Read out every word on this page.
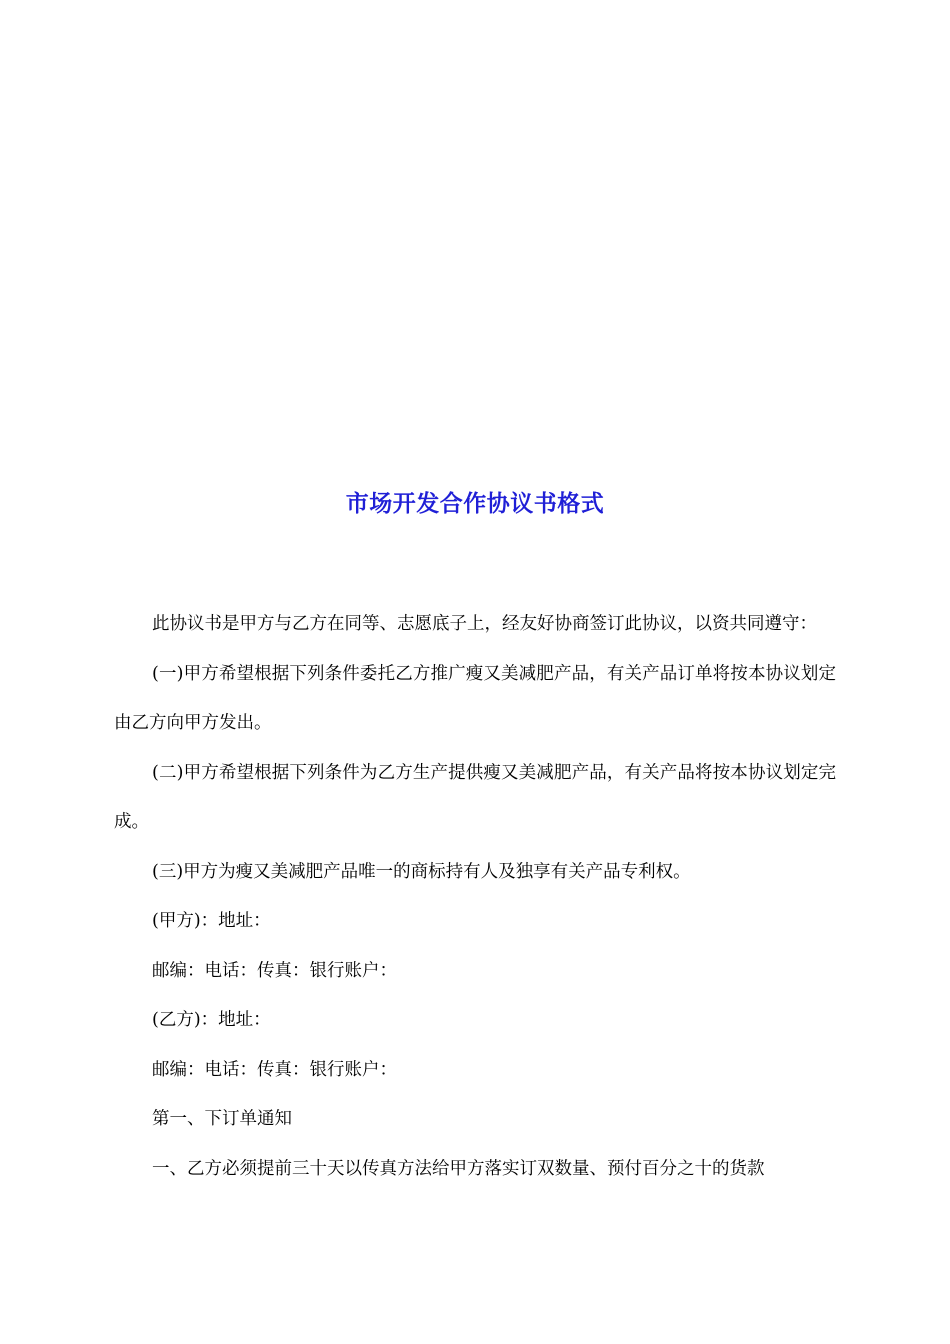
市场开发合作协议书格式

此协议书是甲方与乙方在同等、志愿底子上，经友好协商签订此协议，以资共同遵守：

(一)甲方希望根据下列条件委托乙方推广瘦又美减肥产品，有关产品订单将按本协议划定由乙方向甲方发出。

(二)甲方希望根据下列条件为乙方生产提供瘦又美减肥产品，有关产品将按本协议划定完成。

(三)甲方为瘦又美减肥产品唯一的商标持有人及独享有关产品专利权。

(甲方)：地址：

邮编：电话：传真：银行账户：

(乙方)：地址：

邮编：电话：传真：银行账户：

第一、下订单通知

一、乙方必须提前三十天以传真方法给甲方落实订双数量、预付百分之十的货款
